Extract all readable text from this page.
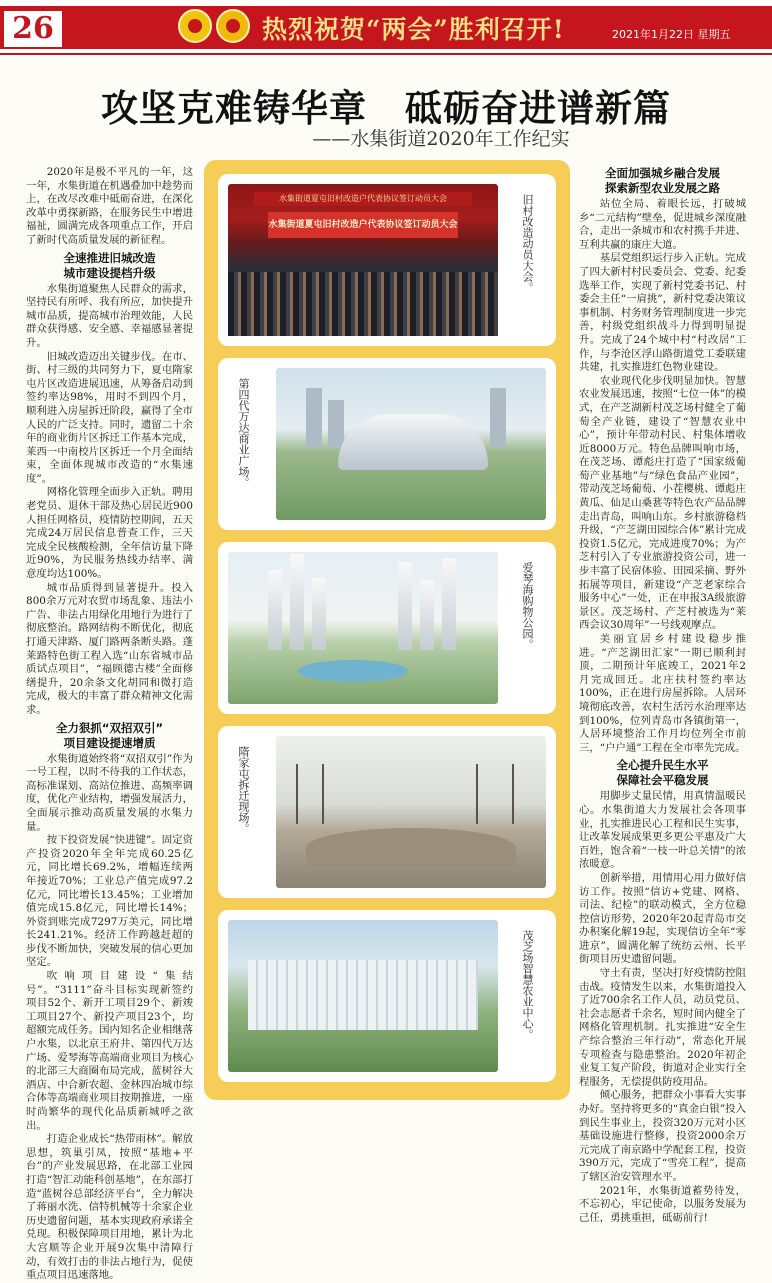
26	热烈祝贺“两会”胜利召开!	2021年1月22日 星期五
攻坚克难铸华章　砥砺奋进谱新篇
——水集街道2020年工作纪实

2020年是极不平凡的一年，这一年，水集街道在机遇叠加中趁势而上，在改尽改难中砥砺奋进，在深化改革中勇探新路，在服务民生中增进福祉，圆满完成各项重点工作，开启了新时代高质量发展的新征程。

全速推进旧城改造
城市建设提档升级

水集街道聚焦人民群众的需求，坚持民有所呼、我有所应，加快提升城市品质，提高城市治理效能，人民群众获得感、安全感、幸福感显著提升。

旧城改造迈出关键步伐。在市、街、村三级的共同努力下，夏屯隋家屯片区改造进展迅速，从筹备启动到签约率达98%，用时不到四个月，顺利进入房屋拆迁阶段，赢得了全市人民的广泛支持。同时，遗留二十余年的商业街片区拆迁工作基本完成，莱西一中南校片区拆迁一个月全面结束，全面体现城市改造的“水集速度”。

网格化管理全面步入正轨。聘用老党员、退休干部及热心居民近900人担任网格员，疫情防控期间，五天完成24万居民信息普查工作，三天完成全民核酸检测，全年信访量下降近90%，为民服务热线办结率、满意度均达100%。

城市品质得到显著提升。投入800余万元对农贸市场乱象、违法小广告、非法占用绿化用地行为进行了彻底整治。路网结构不断优化，彻底打通天津路、厦门路两条断头路。蓬莱路特色街工程入选“山东省城市品质试点项目”，“福顾德古楼”全面修缮提升，20余条文化胡同和微打造完成，极大的丰富了群众精神文化需求。

全力狠抓“双招双引”
项目建设提速增质

水集街道始终将“双招双引”作为一号工程，以时不待我的工作状态，高标准谋划、高站位推进、高频率调度，优化产业结构，增强发展活力，全面展示推动高质量发展的水集力量。

按下投资发展“快进键”。固定资产投资2020年全年完成60.25亿元，同比增长69.2%，增幅连续两年接近70%；工业总产值完成97.2亿元，同比增长13.45%；工业增加值完成15.8亿元，同比增长14%；外资到账完成7297万美元，同比增长241.21%。经济工作跨越赶超的步伐不断加快，突破发展的信心更加坚定。

吹响项目建设“集结号”。“3111”奋斗目标实现新签约项目52个、新开工项目29个、新竣工项目27个、新投产项目23个，均超额完成任务。国内知名企业相继落户水集，以北京王府井、第四代万达广场、爱琴海等高端商业项目为核心的北部三大商圈布局完成，蓝树谷大酒店、中合新农超、金林四冶城市综合体等高端商业项目按期推进，一座时尚繁华的现代化品质新城呼之欲出。

打造企业成长“热带雨林”。解放思想，筑巢引凤，按照“基地+平台”的产业发展思路，在北部工业园打造“智汇动能科创基地”，在东部打造“蓝树谷总部经济平台”，全力解决了蒋丽水洗、信特机械等十余家企业历史遗留问题，基本实现政府承诺全兑现。积极保障项目用地，累计为北大宫顺等企业开展9次集中清障行动，有效打击的非法占地行为，促使重点项目迅速落地。

水集街道夏屯旧村改造户代表协议签订动员大会
水集街道夏屯旧村改造户代表协议签订动员大会	旧村改造动员大会。
第四代万达商业广场。
爱琴海购物公园。
隋家屯拆迁现场。
茂芝场智慧农业中心。
全面加强城乡融合发展
探索新型农业发展之路

站位全局、着眼长远，打破城乡“二元结构”壁垒，促进城乡深度融合，走出一条城市和农村携手并进、互利共赢的康庄大道。

基层党组织运行步入正轨。完成了四大新村村民委员会、党委、纪委选举工作，实现了新村党委书记、村委会主任“一肩挑”，新村党委决策议事机制、村务财务管理制度进一步完善，村级党组织战斗力得到明显提升。完成了24个城中村“村改居”工作，与李沧区浮山路街道党工委联建共建，扎实推进红色物业建设。

农业现代化步伐明显加快。智慧农业发展迅速，按照“七位一体”的模式，在产芝湖新村茂芝场村健全了葡萄全产业链，建设了“智慧农业中心”，预计年带动村民、村集体增收近8000万元。特色品牌叫响市场，在茂芝场、谭彪庄打造了“国家级葡萄产业基地”与“绿色食品产业园”，带动茂芝场葡萄、小茬樱桃、谭彪庄黄瓜、仙足山桑葚等特色农产品品牌走出青岛，叫响山东。乡村旅游稳档升级，“产芝湖田园综合体”累计完成投资1.5亿元，完成进度70%；为产芝村引入了专业旅游投资公司，进一步丰富了民宿体验、田园采摘、野外拓展等项目，新建设“产芝老家综合服务中心”一处，正在申报3A级旅游景区。茂芝场村、产芝村被选为“莱西会议30周年”一号线观摩点。

美丽宜居乡村建设稳步推进。“产芝湖田汇家”一期已顺利封顶，二期预计年底竣工，2021年2月完成回迁。北庄扶村签约率达100%，正在进行房屋拆除。人居环境彻底改善，农村生活污水治理率达到100%，位列青岛市各镇街第一，人居环境整治工作月均位列全市前三，“户户通”工程在全市率先完成。

全心提升民生水平
保障社会平稳发展

用脚步丈量民情，用真情温暖民心。水集街道大力发展社会各项事业，扎实推进民心工程和民生实事，让改革发展成果更多更公平惠及广大百姓，饱含着“一枝一叶总关情”的浓浓暖意。

创新举措，用情用心用力做好信访工作。按照“信访+党建、网格、司法、纪检”的联动模式，全方位稳控信访形势，2020年20起青岛市交办积案化解19起，实现信访全年“零进京”，圆满化解了统纺云州、长平街项目历史遗留问题。

守土有责，坚决打好疫情防控阻击战。疫情发生以来，水集街道投入了近700余名工作人员，动员党员、社会志愿者千余名，短时间内健全了网格化管理机制。扎实推进“安全生产综合整治三年行动”，常态化开展专项检查与隐患整治。2020年初企业复工复产阶段，街道对企业实行全程服务，无偿提供防疫用品。

倾心服务，把群众小事看大实事办好。坚持将更多的“真金白银”投入到民生事业上，投资320万元对小区基础设施进行整修，投资2000余万元完成了南京路中学配套工程，投资390万元，完成了“雪亮工程”，提高了辖区治安管理水平。

2021年，水集街道蓄势待发，不忘初心，牢记使命，以服务发展为己任，勇挑重担，砥砺前行!
